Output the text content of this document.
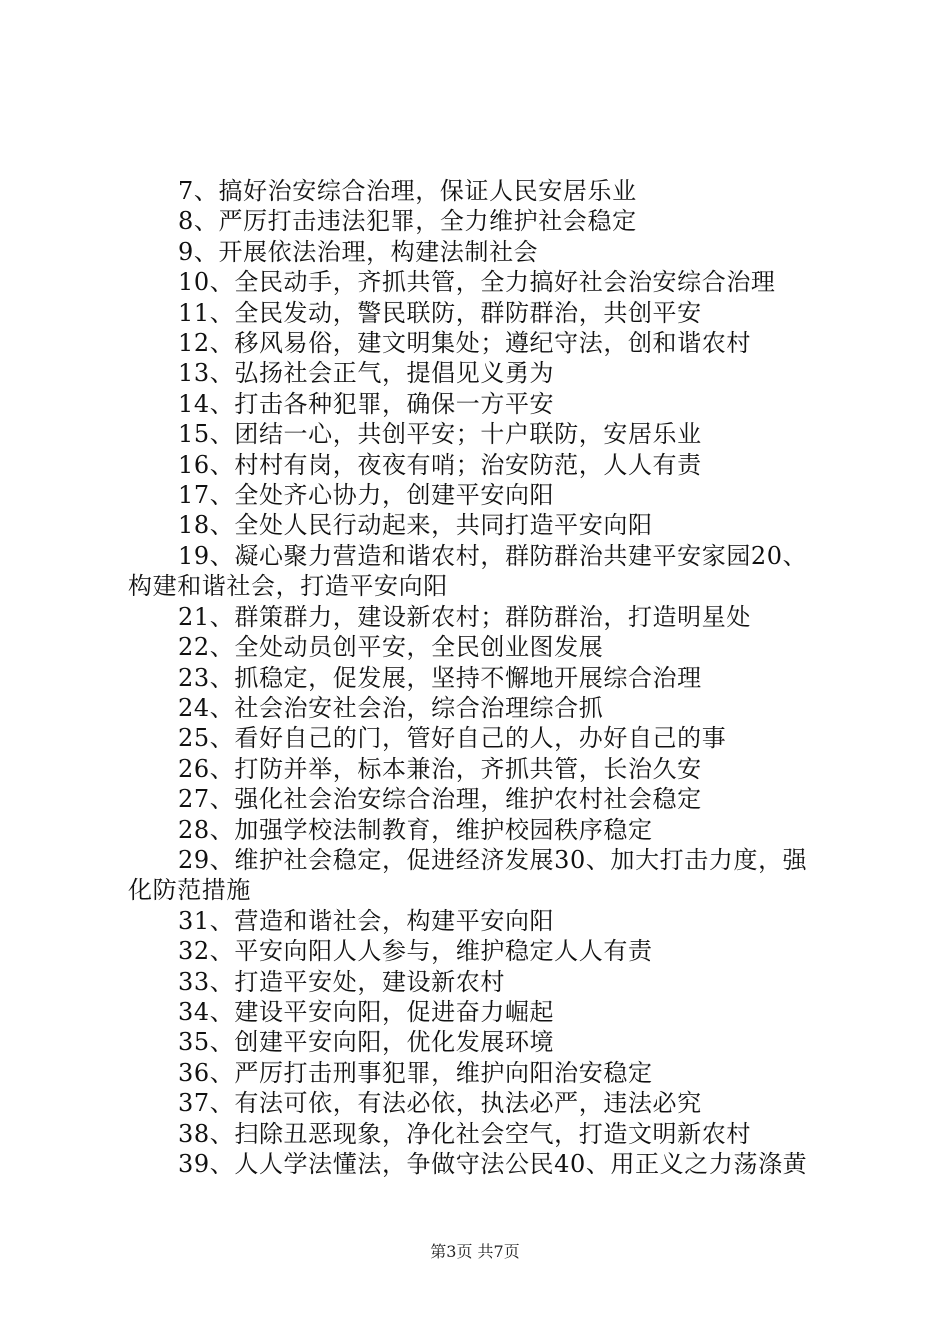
7、搞好治安综合治理，保证人民安居乐业
8、严厉打击违法犯罪，全力维护社会稳定
9、开展依法治理，构建法制社会
10、全民动手，齐抓共管，全力搞好社会治安综合治理
11、全民发动，警民联防，群防群治，共创平安
12、移风易俗，建文明集处；遵纪守法，创和谐农村
13、弘扬社会正气，提倡见义勇为
14、打击各种犯罪，确保一方平安
15、团结一心，共创平安；十户联防，安居乐业
16、村村有岗，夜夜有哨；治安防范，人人有责
17、全处齐心协力，创建平安向阳
18、全处人民行动起来，共同打造平安向阳
19、凝心聚力营造和谐农村，群防群治共建平安家园20、
构建和谐社会，打造平安向阳
21、群策群力，建设新农村；群防群治，打造明星处
22、全处动员创平安，全民创业图发展
23、抓稳定，促发展，坚持不懈地开展综合治理
24、社会治安社会治，综合治理综合抓
25、看好自己的门，管好自己的人，办好自己的事
26、打防并举，标本兼治，齐抓共管，长治久安
27、强化社会治安综合治理，维护农村社会稳定
28、加强学校法制教育，维护校园秩序稳定
29、维护社会稳定，促进经济发展30、加大打击力度，强
化防范措施
31、营造和谐社会，构建平安向阳
32、平安向阳人人参与，维护稳定人人有责
33、打造平安处，建设新农村
34、建设平安向阳，促进奋力崛起
35、创建平安向阳，优化发展环境
36、严厉打击刑事犯罪，维护向阳治安稳定
37、有法可依，有法必依，执法必严，违法必究
38、扫除丑恶现象，净化社会空气，打造文明新农村
39、人人学法懂法，争做守法公民40、用正义之力荡涤黄
第3页 共7页
